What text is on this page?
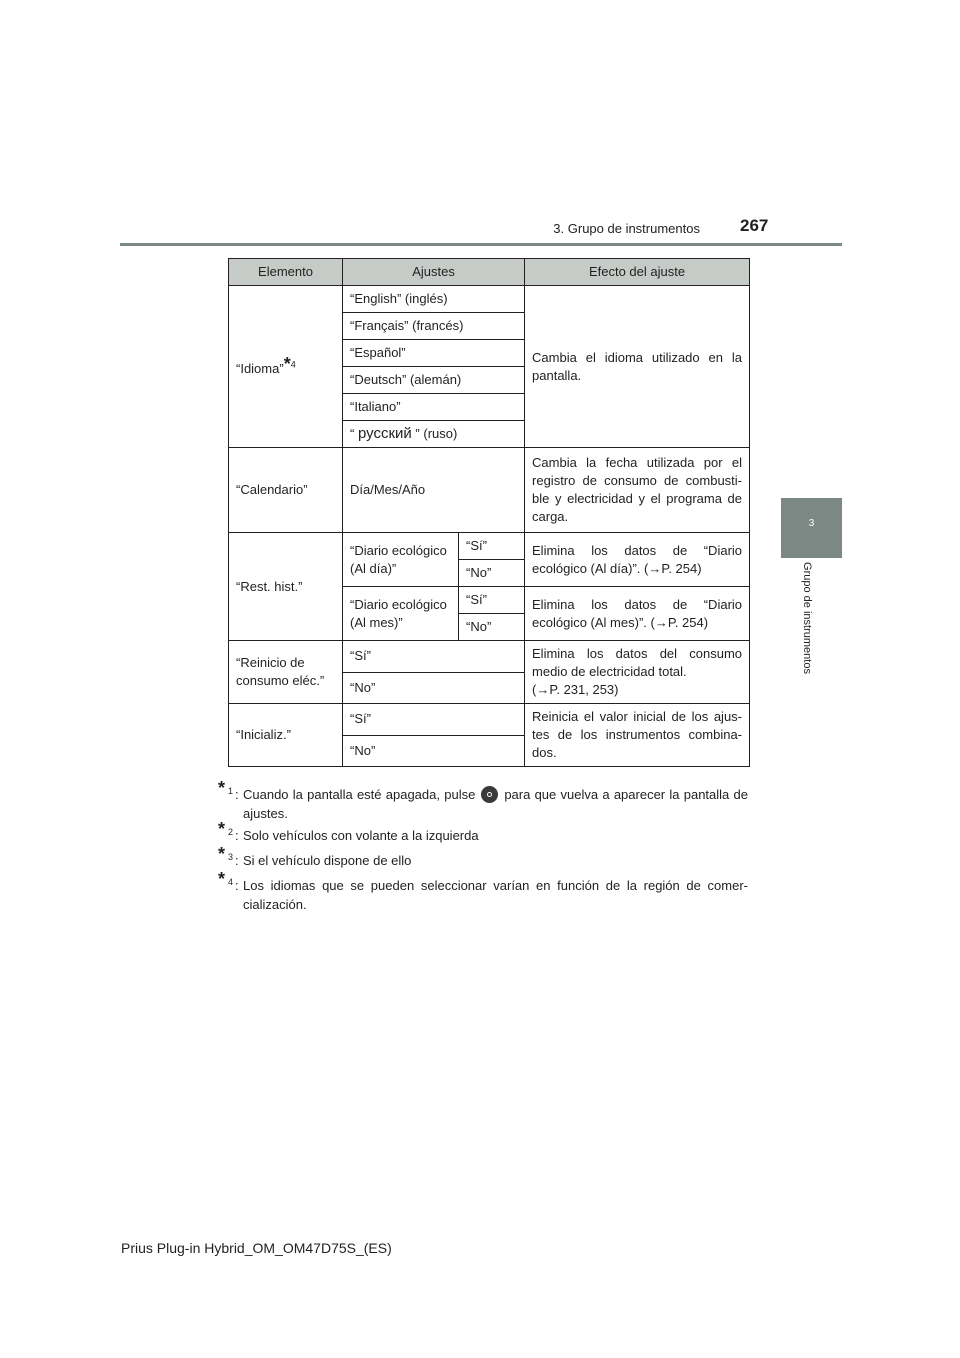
3. Grupo de instrumentos 267
3
Grupo de instrumentos
Elemento	Ajustes		Efecto del ajuste
“Idioma”*$^4$	“English” (inglés)		Cambia el idioma utilizado en la pantalla.
	“Français” (francés)		
	“Español”		
	“Deutsch” (alemán)		
	“Italiano”		
	“ русский ” (ruso)		
“Calendario”	Día/Mes/Año		Cambia la fecha utilizada por el registro de consumo de combusti-ble y electricidad y el programa de carga.
“Rest. hist.”	“Diario ecológico (Al día)”	“Sí”	Elimina los datos de “Diario ecológico (Al día)”. (→P. 254)
		“No”	
	“Diario ecológico (Al mes)”	“Sí”	Elimina los datos de “Diario ecológico (Al mes)”. (→P. 254)
		“No”	
“Reinicio de consumo eléc.”	“Sí”		Elimina los datos del consumo medio de electricidad total.
(→P. 231, 253)

	“No”		
“Inicializ.”	“Sí”		Reinicia el valor inicial de los ajus-tes de los instrumentos combina-dos.
	“No”		
* 1 : Cuando la pantalla esté apagada, pulse para que vuelva a aparecer la pantalla de ajustes.
* 2 : Solo vehículos con volante a la izquierda
* 3 : Si el vehículo dispone de ello
* 4 : Los idiomas que se pueden seleccionar varían en función de la región de comer-cialización.
Prius Plug-in Hybrid_OM_OM47D75S_(ES)
